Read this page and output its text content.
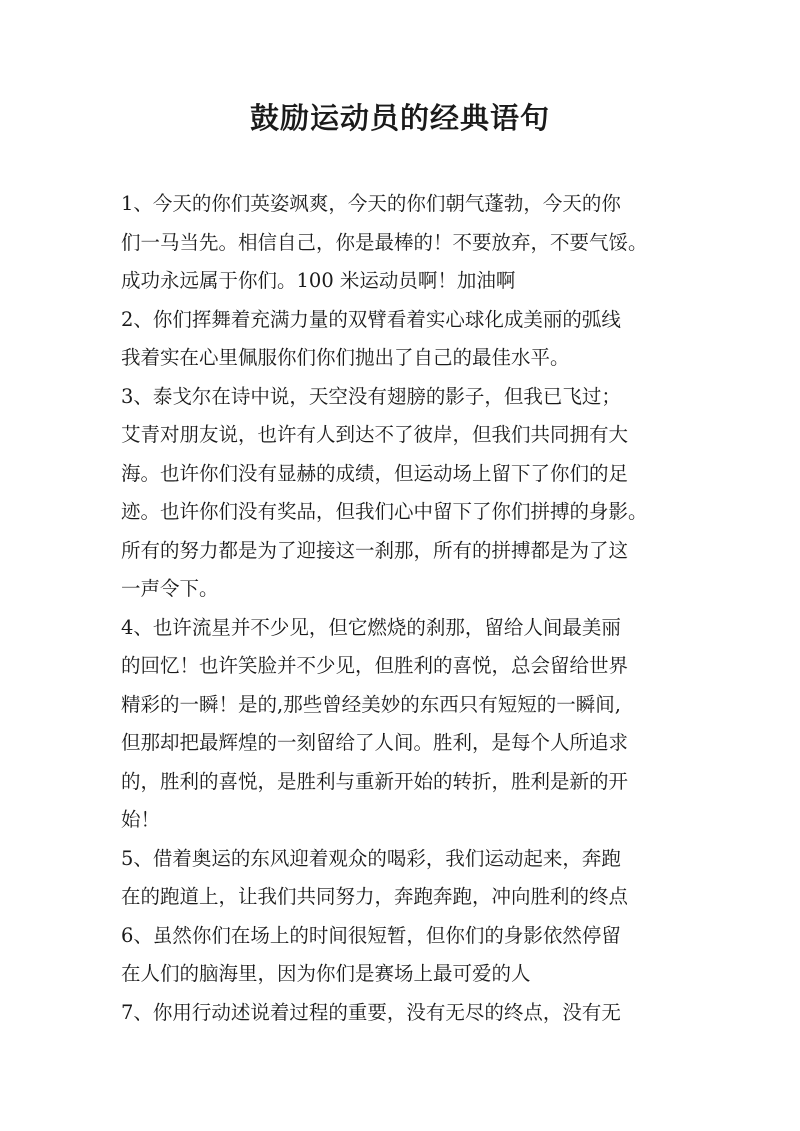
鼓励运动员的经典语句
1、今天的你们英姿飒爽，今天的你们朝气蓬勃，今天的你
们一马当先。相信自己，你是最棒的！不要放弃，不要气馁。
成功永远属于你们。100 米运动员啊！加油啊
2、你们挥舞着充满力量的双臂看着实心球化成美丽的弧线
我着实在心里佩服你们你们抛出了自己的最佳水平。
3、泰戈尔在诗中说，天空没有翅膀的影子，但我已飞过；
艾青对朋友说，也许有人到达不了彼岸，但我们共同拥有大
海。也许你们没有显赫的成绩，但运动场上留下了你们的足
迹。也许你们没有奖品，但我们心中留下了你们拼搏的身影。
所有的努力都是为了迎接这一刹那，所有的拼搏都是为了这
一声令下。
4、也许流星并不少见，但它燃烧的刹那，留给人间最美丽
的回忆！也许笑脸并不少见，但胜利的喜悦，总会留给世界
精彩的一瞬！是的,那些曾经美妙的东西只有短短的一瞬间,
但那却把最辉煌的一刻留给了人间。胜利，是每个人所追求
的，胜利的喜悦，是胜利与重新开始的转折，胜利是新的开
始！
5、借着奥运的东风迎着观众的喝彩，我们运动起来，奔跑
在的跑道上，让我们共同努力，奔跑奔跑，冲向胜利的终点
6、虽然你们在场上的时间很短暂，但你们的身影依然停留
在人们的脑海里，因为你们是赛场上最可爱的人
7、你用行动述说着过程的重要，没有无尽的终点，没有无
